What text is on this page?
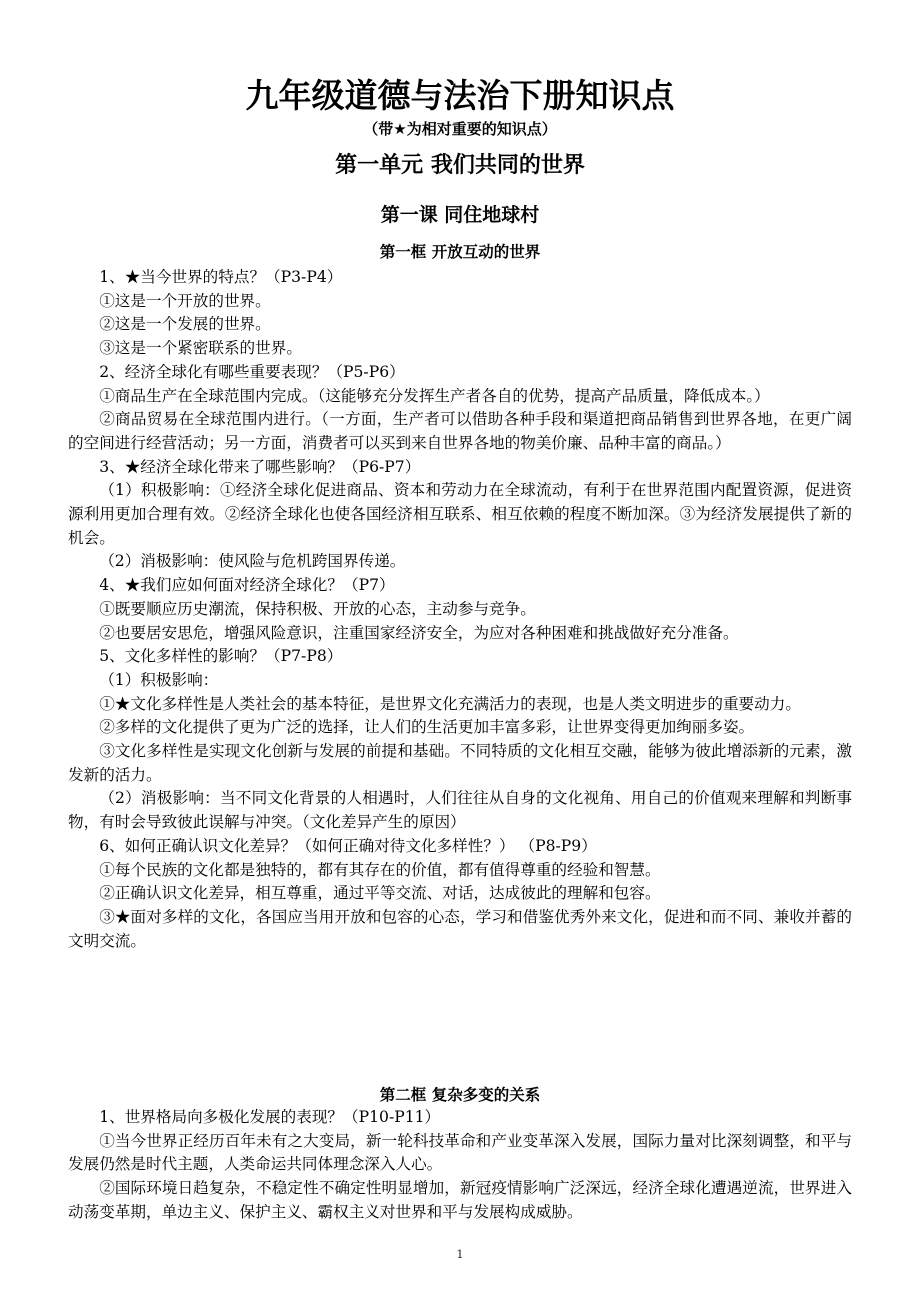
九年级道德与法治下册知识点
（带★为相对重要的知识点）
第一单元 我们共同的世界
第一课 同住地球村
第一框 开放互动的世界

1、★当今世界的特点？（P3-P4）

①这是一个开放的世界。

②这是一个发展的世界。

③这是一个紧密联系的世界。

2、经济全球化有哪些重要表现？（P5-P6）

①商品生产在全球范围内完成。（这能够充分发挥生产者各自的优势，提高产品质量，降低成本。）

②商品贸易在全球范围内进行。（一方面，生产者可以借助各种手段和渠道把商品销售到世界各地，在更广阔的空间进行经营活动；另一方面，消费者可以买到来自世界各地的物美价廉、品种丰富的商品。）

3、★经济全球化带来了哪些影响？（P6-P7）

（1）积极影响：①经济全球化促进商品、资本和劳动力在全球流动，有利于在世界范围内配置资源，促进资源利用更加合理有效。②经济全球化也使各国经济相互联系、相互依赖的程度不断加深。③为经济发展提供了新的机会。

（2）消极影响：使风险与危机跨国界传递。

4、★我们应如何面对经济全球化？（P7）

①既要顺应历史潮流，保持积极、开放的心态，主动参与竞争。

②也要居安思危，增强风险意识，注重国家经济安全，为应对各种困难和挑战做好充分准备。

5、文化多样性的影响？（P7-P8）

（1）积极影响：

①★文化多样性是人类社会的基本特征，是世界文化充满活力的表现，也是人类文明进步的重要动力。

②多样的文化提供了更为广泛的选择，让人们的生活更加丰富多彩，让世界变得更加绚丽多姿。

③文化多样性是实现文化创新与发展的前提和基础。不同特质的文化相互交融，能够为彼此增添新的元素，激发新的活力。

（2）消极影响：当不同文化背景的人相遇时，人们往往从自身的文化视角、用自己的价值观来理解和判断事物，有时会导致彼此误解与冲突。（文化差异产生的原因）

6、如何正确认识文化差异？（如何正确对待文化多样性？） （P8-P9）

①每个民族的文化都是独特的，都有其存在的价值，都有值得尊重的经验和智慧。

②正确认识文化差异，相互尊重，通过平等交流、对话，达成彼此的理解和包容。

③★面对多样的文化，各国应当用开放和包容的心态，学习和借鉴优秀外来文化，促进和而不同、兼收并蓄的文明交流。

第二框 复杂多变的关系

1、世界格局向多极化发展的表现？（P10-P11）

①当今世界正经历百年未有之大变局，新一轮科技革命和产业变革深入发展，国际力量对比深刻调整，和平与发展仍然是时代主题，人类命运共同体理念深入人心。

②国际环境日趋复杂，不稳定性不确定性明显增加，新冠疫情影响广泛深远，经济全球化遭遇逆流，世界进入动荡变革期，单边主义、保护主义、霸权主义对世界和平与发展构成威胁。

1
